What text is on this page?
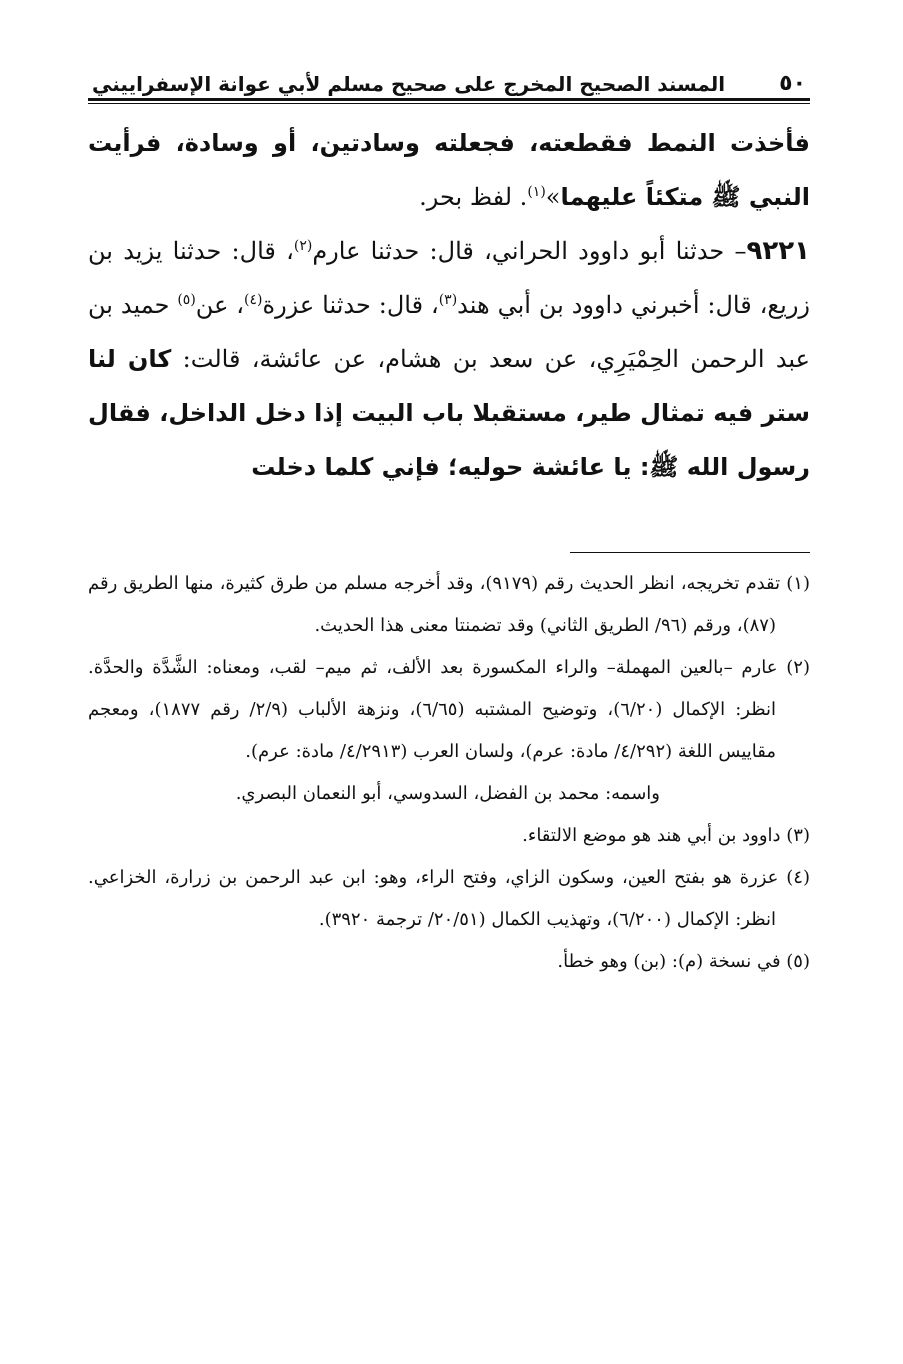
٥٠
المسند الصحيح المخرج على صحيح مسلم لأبي عوانة الإسفراييني

فأخذت النمط فقطعته، فجعلته وسادتين، أو وسادة، فرأيت النبي ﷺ متكئاً عليهما»$^{(١)}$. لفظ بحر.

٩٢٢١– حدثنا أبو داوود الحراني، قال: حدثنا عارم$^{(٢)}$، قال: حدثنا يزيد بن زريع، قال: أخبرني داوود بن أبي هند$^{(٣)}$، قال: حدثنا عزرة$^{(٤)}$، عن$^{(٥)}$ حميد بن عبد الرحمن الحِمْيَرِي، عن سعد بن هشام، عن عائشة، قالت: كان لنا ستر فيه تمثال طير، مستقبلا باب البيت إذا دخل الداخل، فقال رسول الله ﷺ: يا عائشة حوليه؛ فإني كلما دخلت

(١) تقدم تخريجه، انظر الحديث رقم (٩١٧٩)، وقد أخرجه مسلم من طرق كثيرة، منها الطريق رقم (٨٧)، ورقم (٩٦/ الطريق الثاني) وقد تضمنتا معنى هذا الحديث.

(٢) عارم –بالعين المهملة– والراء المكسورة بعد الألف، ثم ميم– لقب، ومعناه: الشَّدَّة والحدَّة. انظر: الإكمال (٦/٢٠)، وتوضيح المشتبه (٦/٦٥)، ونزهة الألباب (٢/٩/ رقم ١٨٧٧)، ومعجم مقاييس اللغة (٤/٢٩٢/ مادة: عرم)، ولسان العرب (٤/٢٩١٣/ مادة: عرم).

واسمه: محمد بن الفضل، السدوسي، أبو النعمان البصري.

(٣) داوود بن أبي هند هو موضع الالتقاء.

(٤) عزرة هو بفتح العين، وسكون الزاي، وفتح الراء، وهو: ابن عبد الرحمن بن زرارة، الخزاعي. انظر: الإكمال (٦/٢٠٠)، وتهذيب الكمال (٢٠/٥١/ ترجمة ٣٩٢٠).

(٥) في نسخة (م): (بن) وهو خطأ.
